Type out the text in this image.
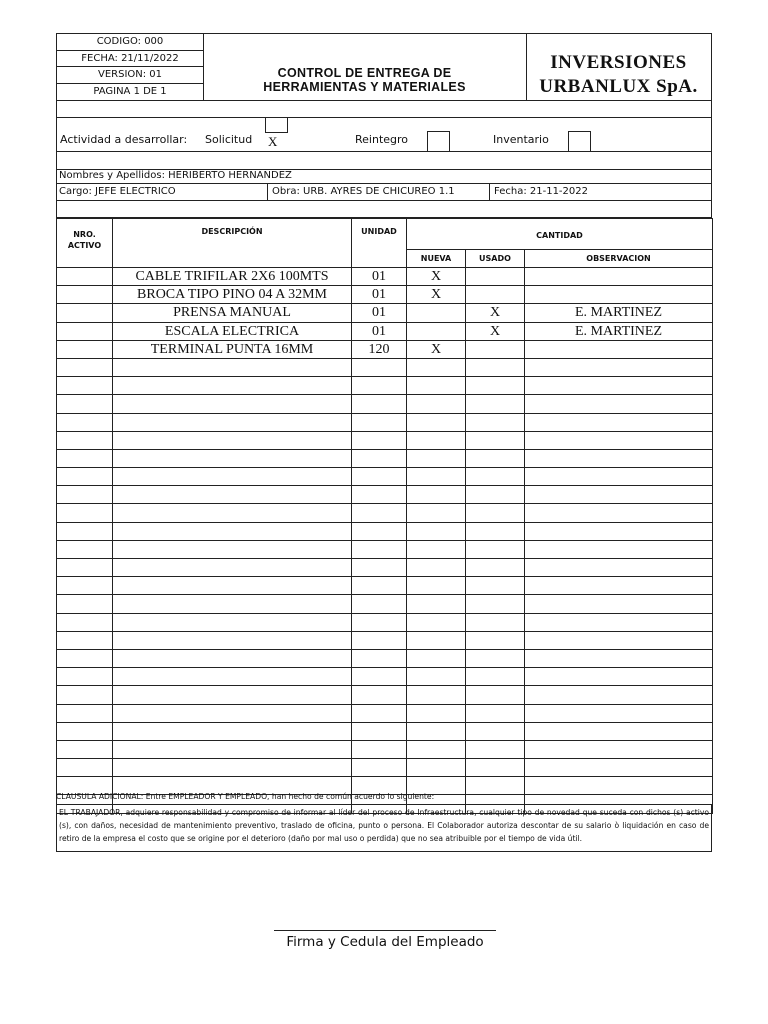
CODIGO: 000
FECHA: 21/11/2022
VERSION: 01
PAGINA 1 DE 1
CONTROL DE ENTREGA DE
HERRAMIENTAS Y MATERIALES
INVERSIONES
URBANLUX SpA.
Actividad a desarrollar: Solicitud X	Reintegro	Inventario
Nombres y Apellidos: HERIBERTO HERNANDEZ
Cargo: JEFE ELECTRICO	Obra: URB. AYRES DE CHICUREO 1.1	Fecha: 21-11-2022
NRO. ACTIVO	DESCRIPCIÓN	UNIDAD	CANTIDAD		
			NUEVA	USADO	OBSERVACION
	CABLE TRIFILAR 2X6 100MTS	01	X		
	BROCA TIPO PINO 04 A 32MM	01	X		
	PRENSA MANUAL	01		X	E. MARTINEZ
	ESCALA ELECTRICA	01		X	E. MARTINEZ
	TERMINAL PUNTA 16MM	120	X		

CLAUSULA ADICIONAL: Entre EMPLEADOR Y EMPLEADO, han hecho de común acuerdo lo siguiente:
EL TRABAJADOR, adquiere responsabilidad y compromiso de informar al líder del proceso de Infraestructura, cualquier tipo de novedad que suceda con dichos (s) activo (s), con daños, necesidad de mantenimiento preventivo, traslado de oficina, punto o persona. El Colaborador autoriza descontar de su salario ò liquidación en caso de retiro de la empresa el costo que se origine por el deterioro (daño por mal uso o perdida) que no sea atribuible por el tiempo de vida útil.
Firma y Cedula del Empleado
